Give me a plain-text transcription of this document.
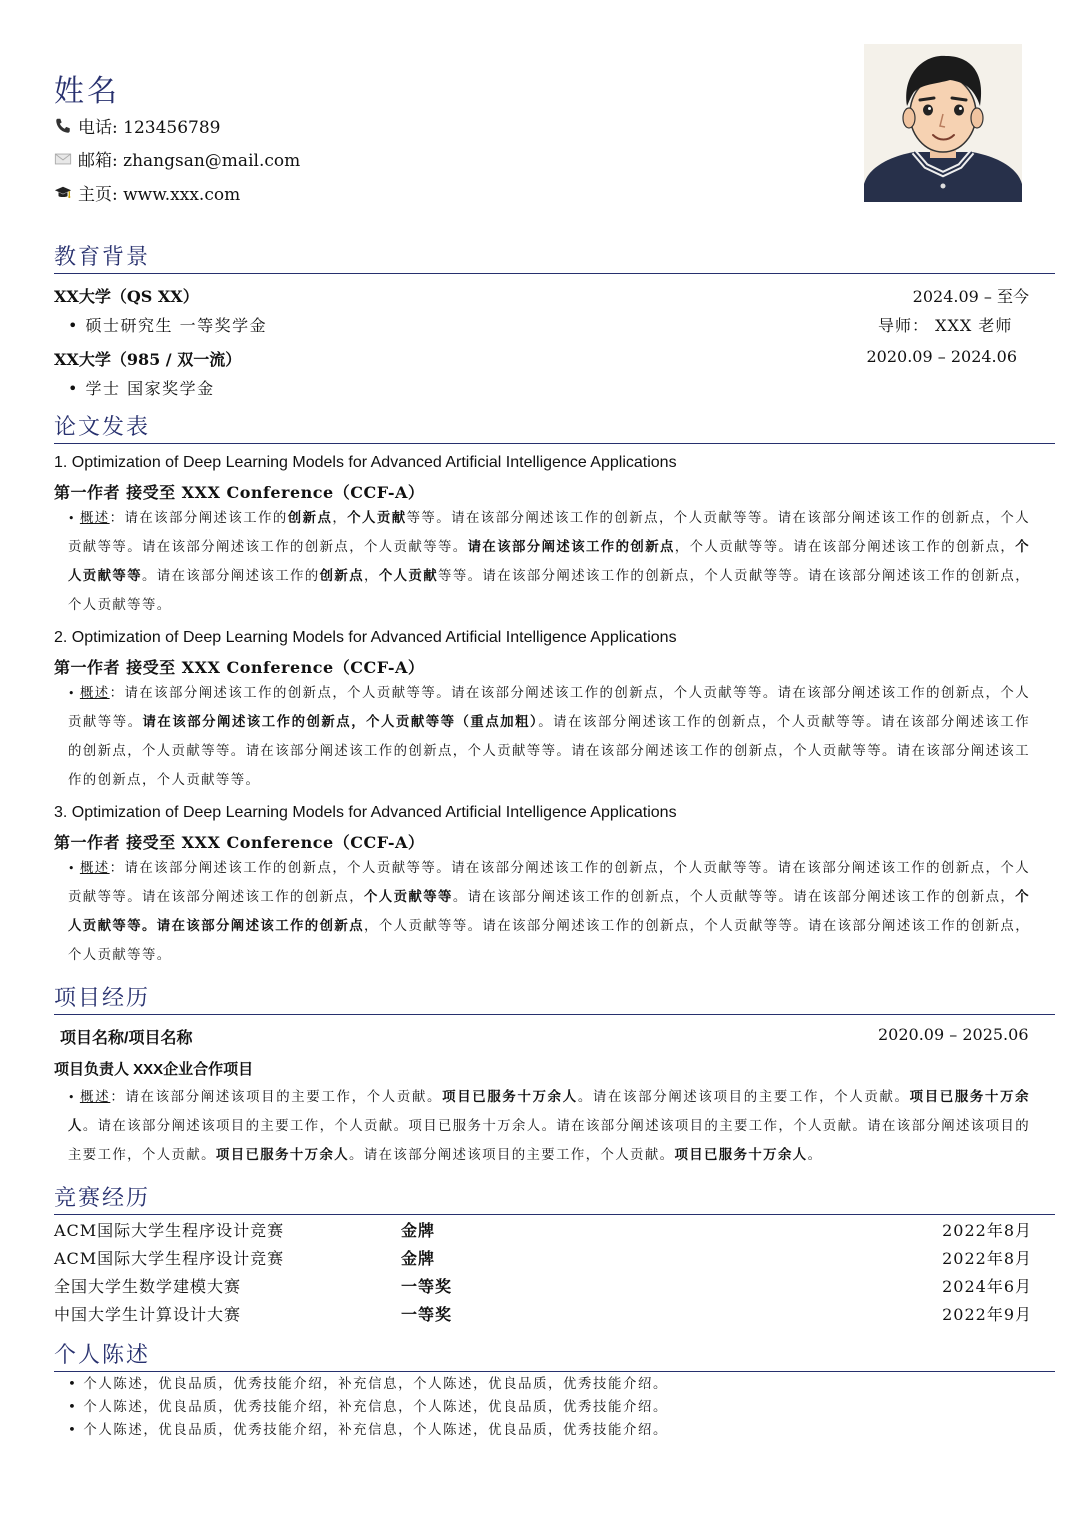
姓名
电话: 123456789
邮箱: zhangsan@mail.com
主页: www.xxx.com
教育背景
XX大学（QS XX）	2024.09 – 至今
• 硕士研究生 一等奖学金	导师： XXX 老师
XX大学（985 / 双一流）	2020.09 – 2024.06
• 学士 国家奖学金
论文发表
1. Optimization of Deep Learning Models for Advanced Artificial Intelligence Applications
第一作者 接受至 XXX Conference（CCF-A）
• 概述：请在该部分阐述该工作的创新点，个人贡献等等。请在该部分阐述该工作的创新点，个人贡献等等。请在该部分阐述该工作的创新点，个人贡献等等。请在该部分阐述该工作的创新点，个人贡献等等。请在该部分阐述该工作的创新点，个人贡献等等。请在该部分阐述该工作的创新点，个人贡献等等。请在该部分阐述该工作的创新点，个人贡献等等。请在该部分阐述该工作的创新点，个人贡献等等。请在该部分阐述该工作的创新点，个人贡献等等。
2. Optimization of Deep Learning Models for Advanced Artificial Intelligence Applications
第一作者 接受至 XXX Conference（CCF-A）
• 概述：请在该部分阐述该工作的创新点，个人贡献等等。请在该部分阐述该工作的创新点，个人贡献等等。请在该部分阐述该工作的创新点，个人贡献等等。请在该部分阐述该工作的创新点，个人贡献等等（重点加粗）。请在该部分阐述该工作的创新点，个人贡献等等。请在该部分阐述该工作的创新点，个人贡献等等。请在该部分阐述该工作的创新点，个人贡献等等。请在该部分阐述该工作的创新点，个人贡献等等。请在该部分阐述该工作的创新点，个人贡献等等。
3. Optimization of Deep Learning Models for Advanced Artificial Intelligence Applications
第一作者 接受至 XXX Conference（CCF-A）
• 概述：请在该部分阐述该工作的创新点，个人贡献等等。请在该部分阐述该工作的创新点，个人贡献等等。请在该部分阐述该工作的创新点，个人贡献等等。请在该部分阐述该工作的创新点，个人贡献等等。请在该部分阐述该工作的创新点，个人贡献等等。请在该部分阐述该工作的创新点，个人贡献等等。请在该部分阐述该工作的创新点，个人贡献等等。请在该部分阐述该工作的创新点，个人贡献等等。请在该部分阐述该工作的创新点，个人贡献等等。
项目经历
项目名称/项目名称	2020.09 – 2025.06
项目负责人 XXX企业合作项目
• 概述：请在该部分阐述该项目的主要工作，个人贡献。项目已服务十万余人。请在该部分阐述该项目的主要工作，个人贡献。项目已服务十万余人。请在该部分阐述该项目的主要工作，个人贡献。项目已服务十万余人。请在该部分阐述该项目的主要工作，个人贡献。请在该部分阐述该项目的主要工作，个人贡献。项目已服务十万余人。请在该部分阐述该项目的主要工作，个人贡献。项目已服务十万余人。
竞赛经历
ACM国际大学生程序设计竞赛	金牌	2022年8月
ACM国际大学生程序设计竞赛	金牌	2022年8月
全国大学生数学建模大赛	一等奖	2024年6月
中国大学生计算设计大赛	一等奖	2022年9月
个人陈述
• 个人陈述，优良品质，优秀技能介绍，补充信息，个人陈述，优良品质，优秀技能介绍。
• 个人陈述，优良品质，优秀技能介绍，补充信息，个人陈述，优良品质，优秀技能介绍。
• 个人陈述，优良品质，优秀技能介绍，补充信息，个人陈述，优良品质，优秀技能介绍。
